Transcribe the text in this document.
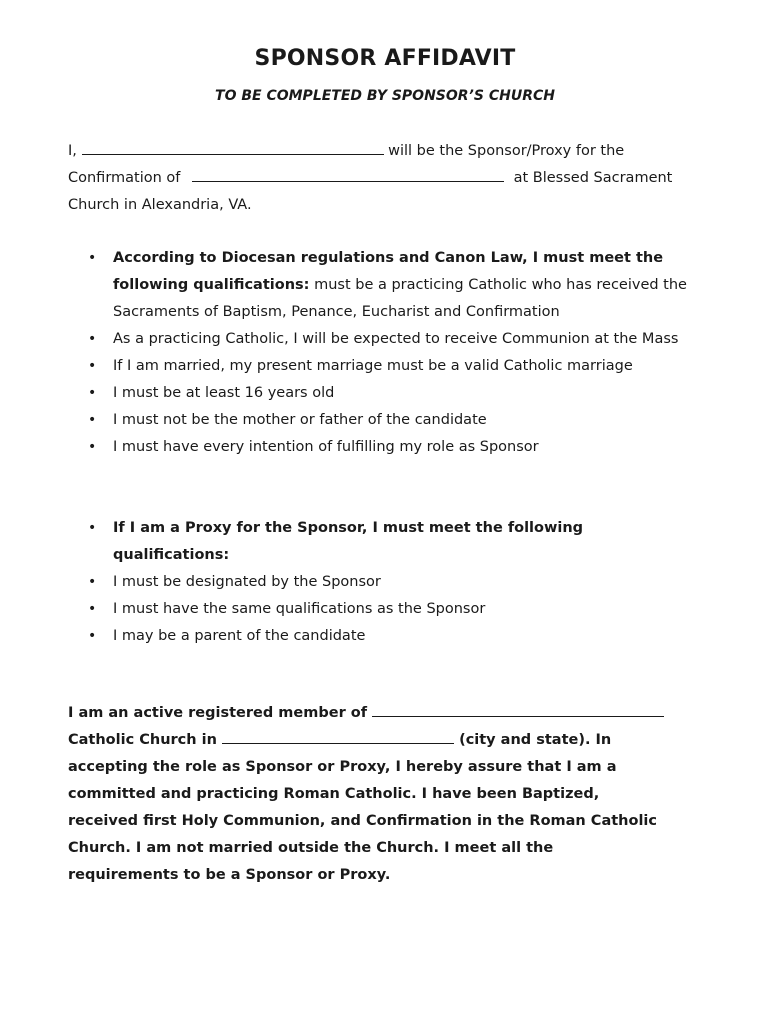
SPONSOR AFFIDAVIT
TO BE COMPLETED BY SPONSOR’S CHURCH
I,	will be the Sponsor/Proxy for the
Confirmation of	at Blessed Sacrament
Church in Alexandria, VA.
• According to Diocesan regulations and Canon Law, I must meet the following qualifications: must be a practicing Catholic who has received the Sacraments of Baptism, Penance, Eucharist and Confirmation
• As a practicing Catholic, I will be expected to receive Communion at the Mass
• If I am married, my present marriage must be a valid Catholic marriage
• I must be at least 16 years old
• I must not be the mother or father of the candidate
• I must have every intention of fulfilling my role as Sponsor
• If I am a Proxy for the Sponsor, I must meet the following qualifications:
• I must be designated by the Sponsor
• I must have the same qualifications as the Sponsor
• I may be a parent of the candidate
I am an active registered member of
Catholic Church in	(city and state). In
accepting the role as Sponsor or Proxy, I hereby assure that I am a
committed and practicing Roman Catholic. I have been Baptized,
received first Holy Communion, and Confirmation in the Roman Catholic
Church. I am not married outside the Church. I meet all the
requirements to be a Sponsor or Proxy.
